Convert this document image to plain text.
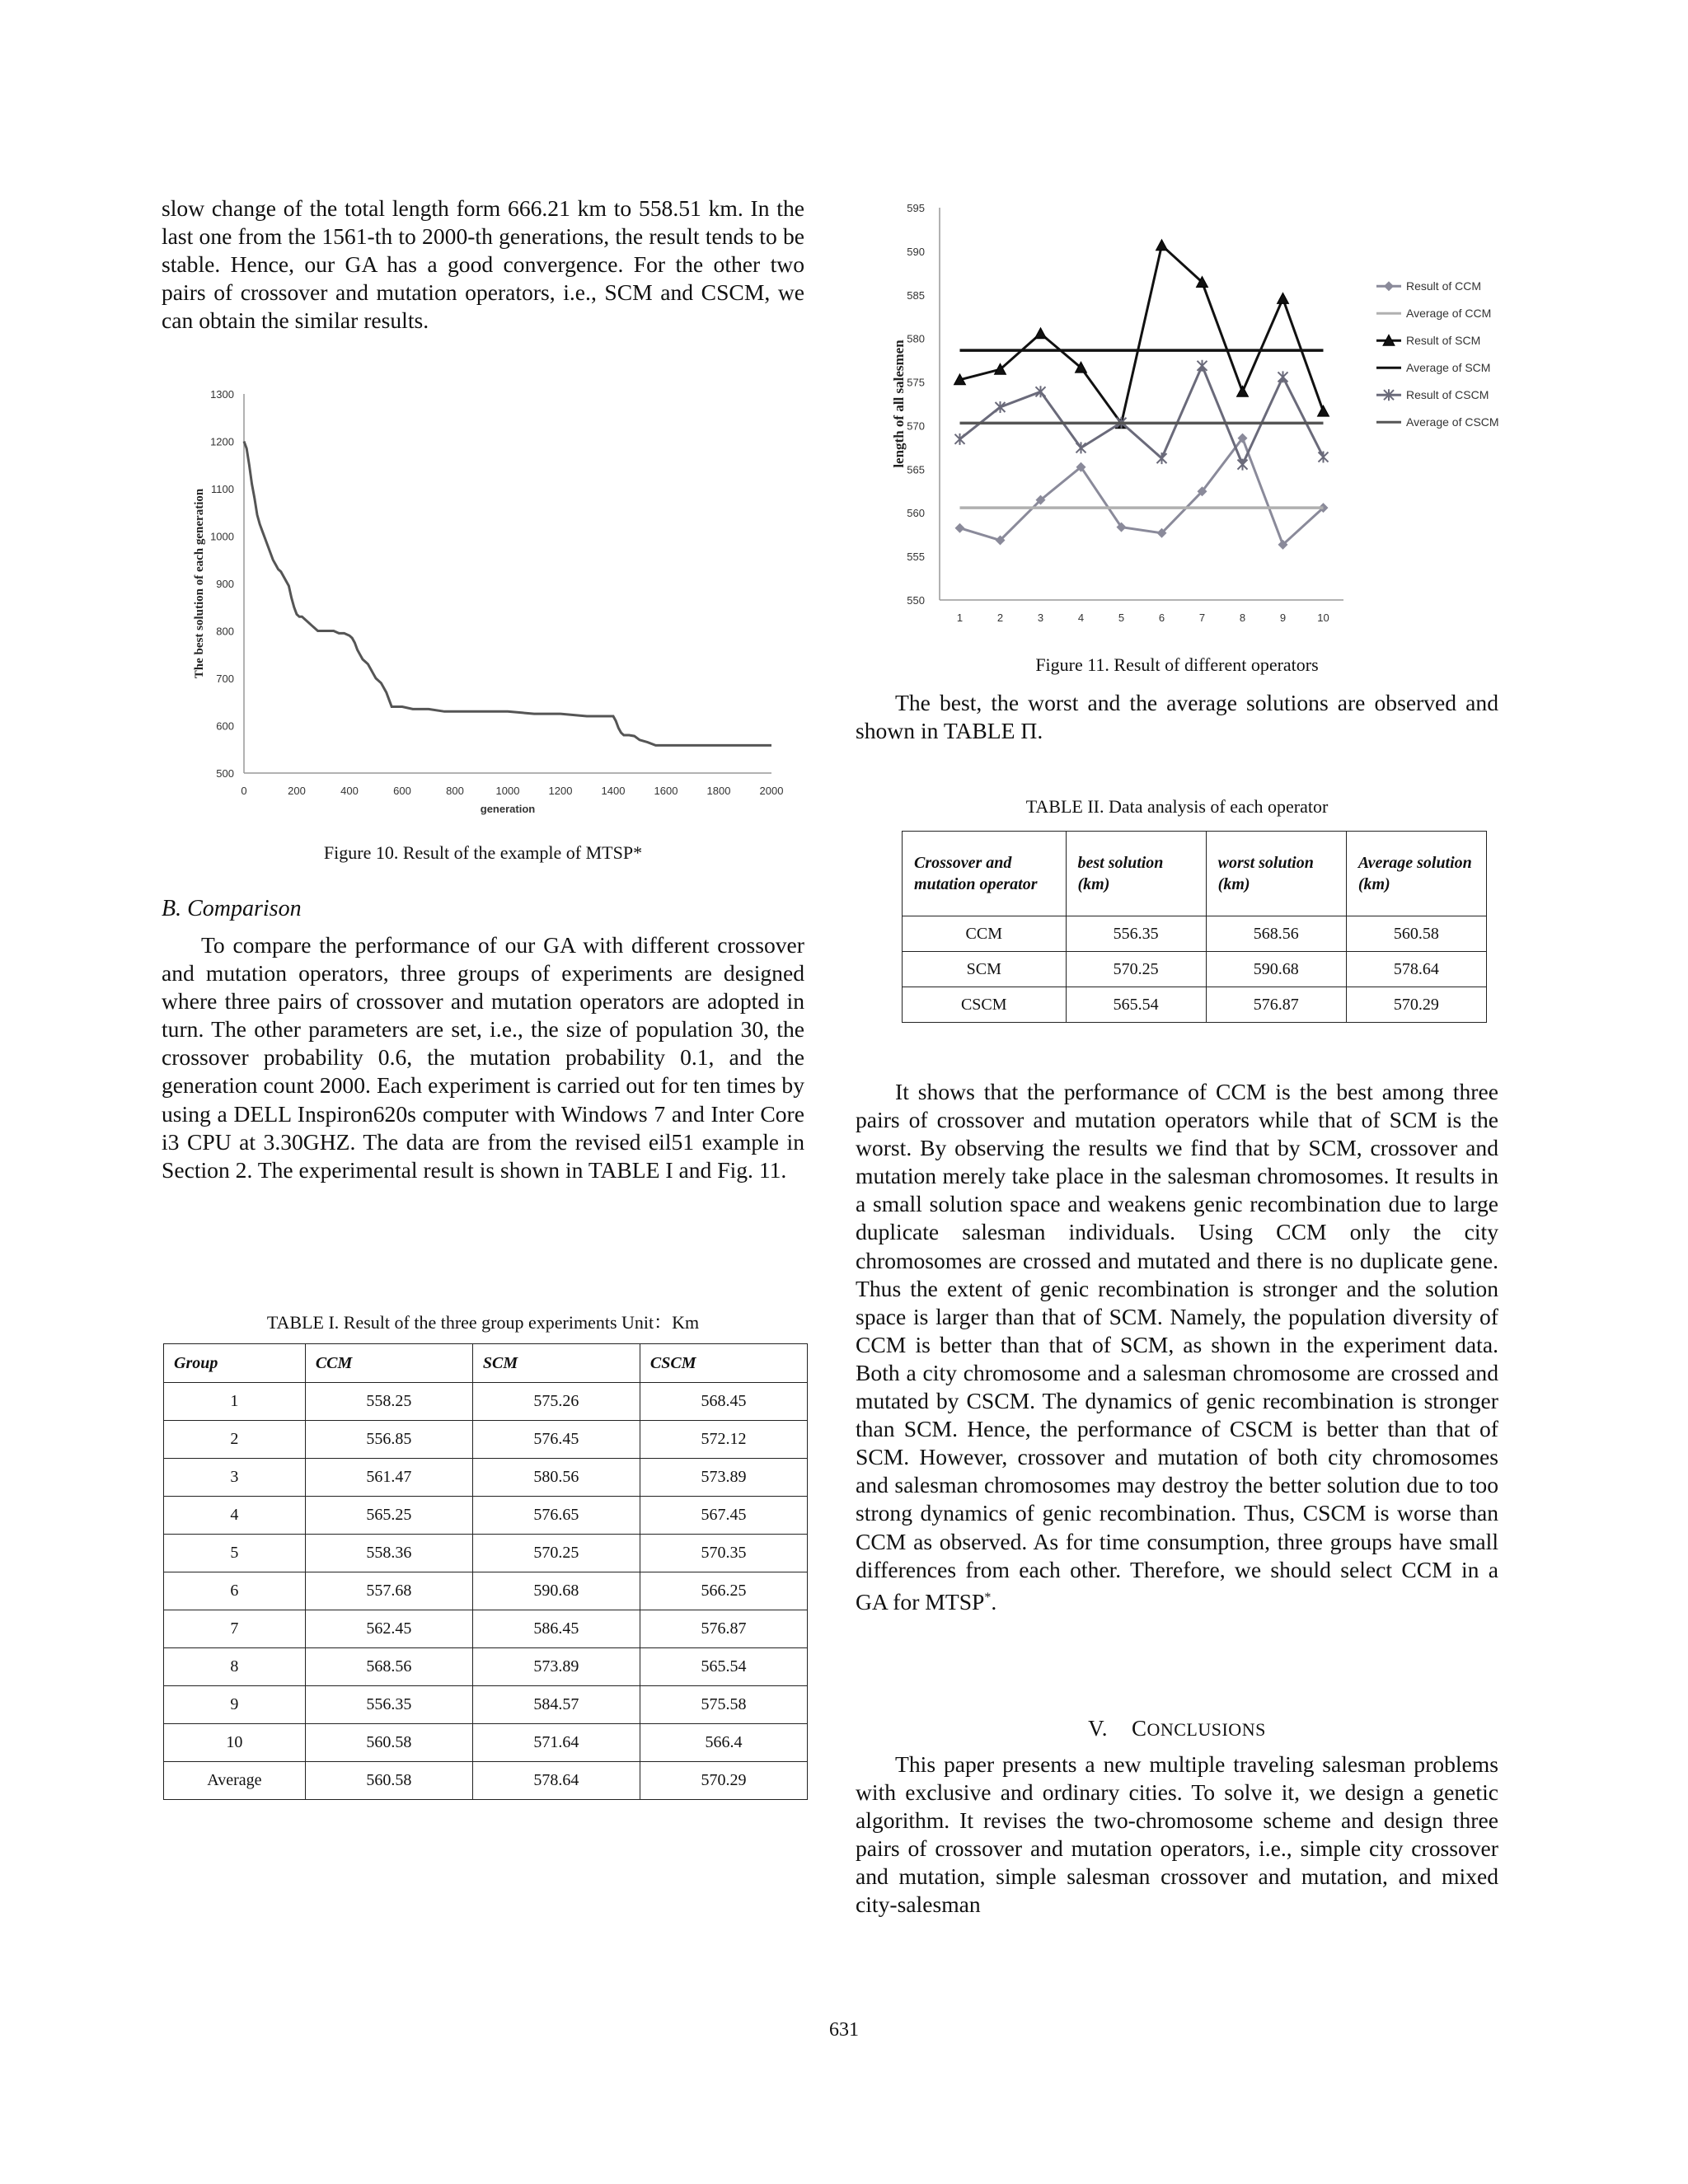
slow change of the total length form 666.21 km to 558.51 km. In the last one from the 1561-th to 2000-th generations, the result tends to be stable. Hence, our GA has a good convergence. For the other two pairs of crossover and mutation operators, i.e., SCM and CSCM, we can obtain the similar results.

500
600
700
800
900
1000
1100
1200
1300
0	200	400	600	800	1000	1200	1400	1600	1800	2000
generation
The best solution of each generation

Figure 10. Result of the example of MTSP*

B. Comparison

To compare the performance of our GA with different crossover and mutation operators, three groups of experiments are designed where three pairs of crossover and mutation operators are adopted in turn. The other parameters are set, i.e., the size of population 30, the crossover probability 0.6, the mutation probability 0.1, and the generation count 2000. Each experiment is carried out for ten times by using a DELL Inspiron620s computer with Windows 7 and Inter Core i3 CPU at 3.30GHZ. The data are from the revised eil51 example in Section 2. The experimental result is shown in TABLE I and Fig. 11.

TABLE I. Result of the three group experiments Unit：Km

Group	CCM	SCM	CSCM
1	558.25	575.26	568.45
2	556.85	576.45	572.12
3	561.47	580.56	573.89
4	565.25	576.65	567.45
5	558.36	570.25	570.35
6	557.68	590.68	566.25
7	562.45	586.45	576.87
8	568.56	573.89	565.54
9	556.35	584.57	575.58
10	560.58	571.64	566.4
Average	560.58	578.64	570.29
550
555
560
565
570
575
580
585
590
595
1	2	3	4	5	6	7	8	9	10
length of all salesmen
Result of CCM
Average of CCM
Result of SCM
Average of SCM
Result of CSCM
Average of CSCM

Figure 11. Result of different operators

The best, the worst and the average solutions are observed and shown in TABLE Π.

TABLE II. Data analysis of each operator

Crossover and mutation operator	best solution (km)	worst solution (km)	Average solution (km)
CCM	556.35	568.56	560.58
SCM	570.25	590.68	578.64
CSCM	565.54	576.87	570.29

It shows that the performance of CCM is the best among three pairs of crossover and mutation operators while that of SCM is the worst. By observing the results we find that by SCM, crossover and mutation merely take place in the salesman chromosomes. It results in a small solution space and weakens genic recombination due to large duplicate salesman individuals. Using CCM only the city chromosomes are crossed and mutated and there is no duplicate gene. Thus the extent of genic recombination is stronger and the solution space is larger than that of SCM. Namely, the population diversity of CCM is better than that of SCM, as shown in the experiment data. Both a city chromosome and a salesman chromosome are crossed and mutated by CSCM. The dynamics of genic recombination is stronger than SCM. Hence, the performance of CSCM is better than that of SCM. However, crossover and mutation of both city chromosomes and salesman chromosomes may destroy the better solution due to too strong dynamics of genic recombination. Thus, CSCM is worse than CCM as observed. As for time consumption, three groups have small differences from each other. Therefore, we should select CCM in a GA for MTSP*.

V. CONCLUSIONS

This paper presents a new multiple traveling salesman problems with exclusive and ordinary cities. To solve it, we design a genetic algorithm. It revises the two-chromosome scheme and design three pairs of crossover and mutation operators, i.e., simple city crossover and mutation, simple salesman crossover and mutation, and mixed city-salesman

631
